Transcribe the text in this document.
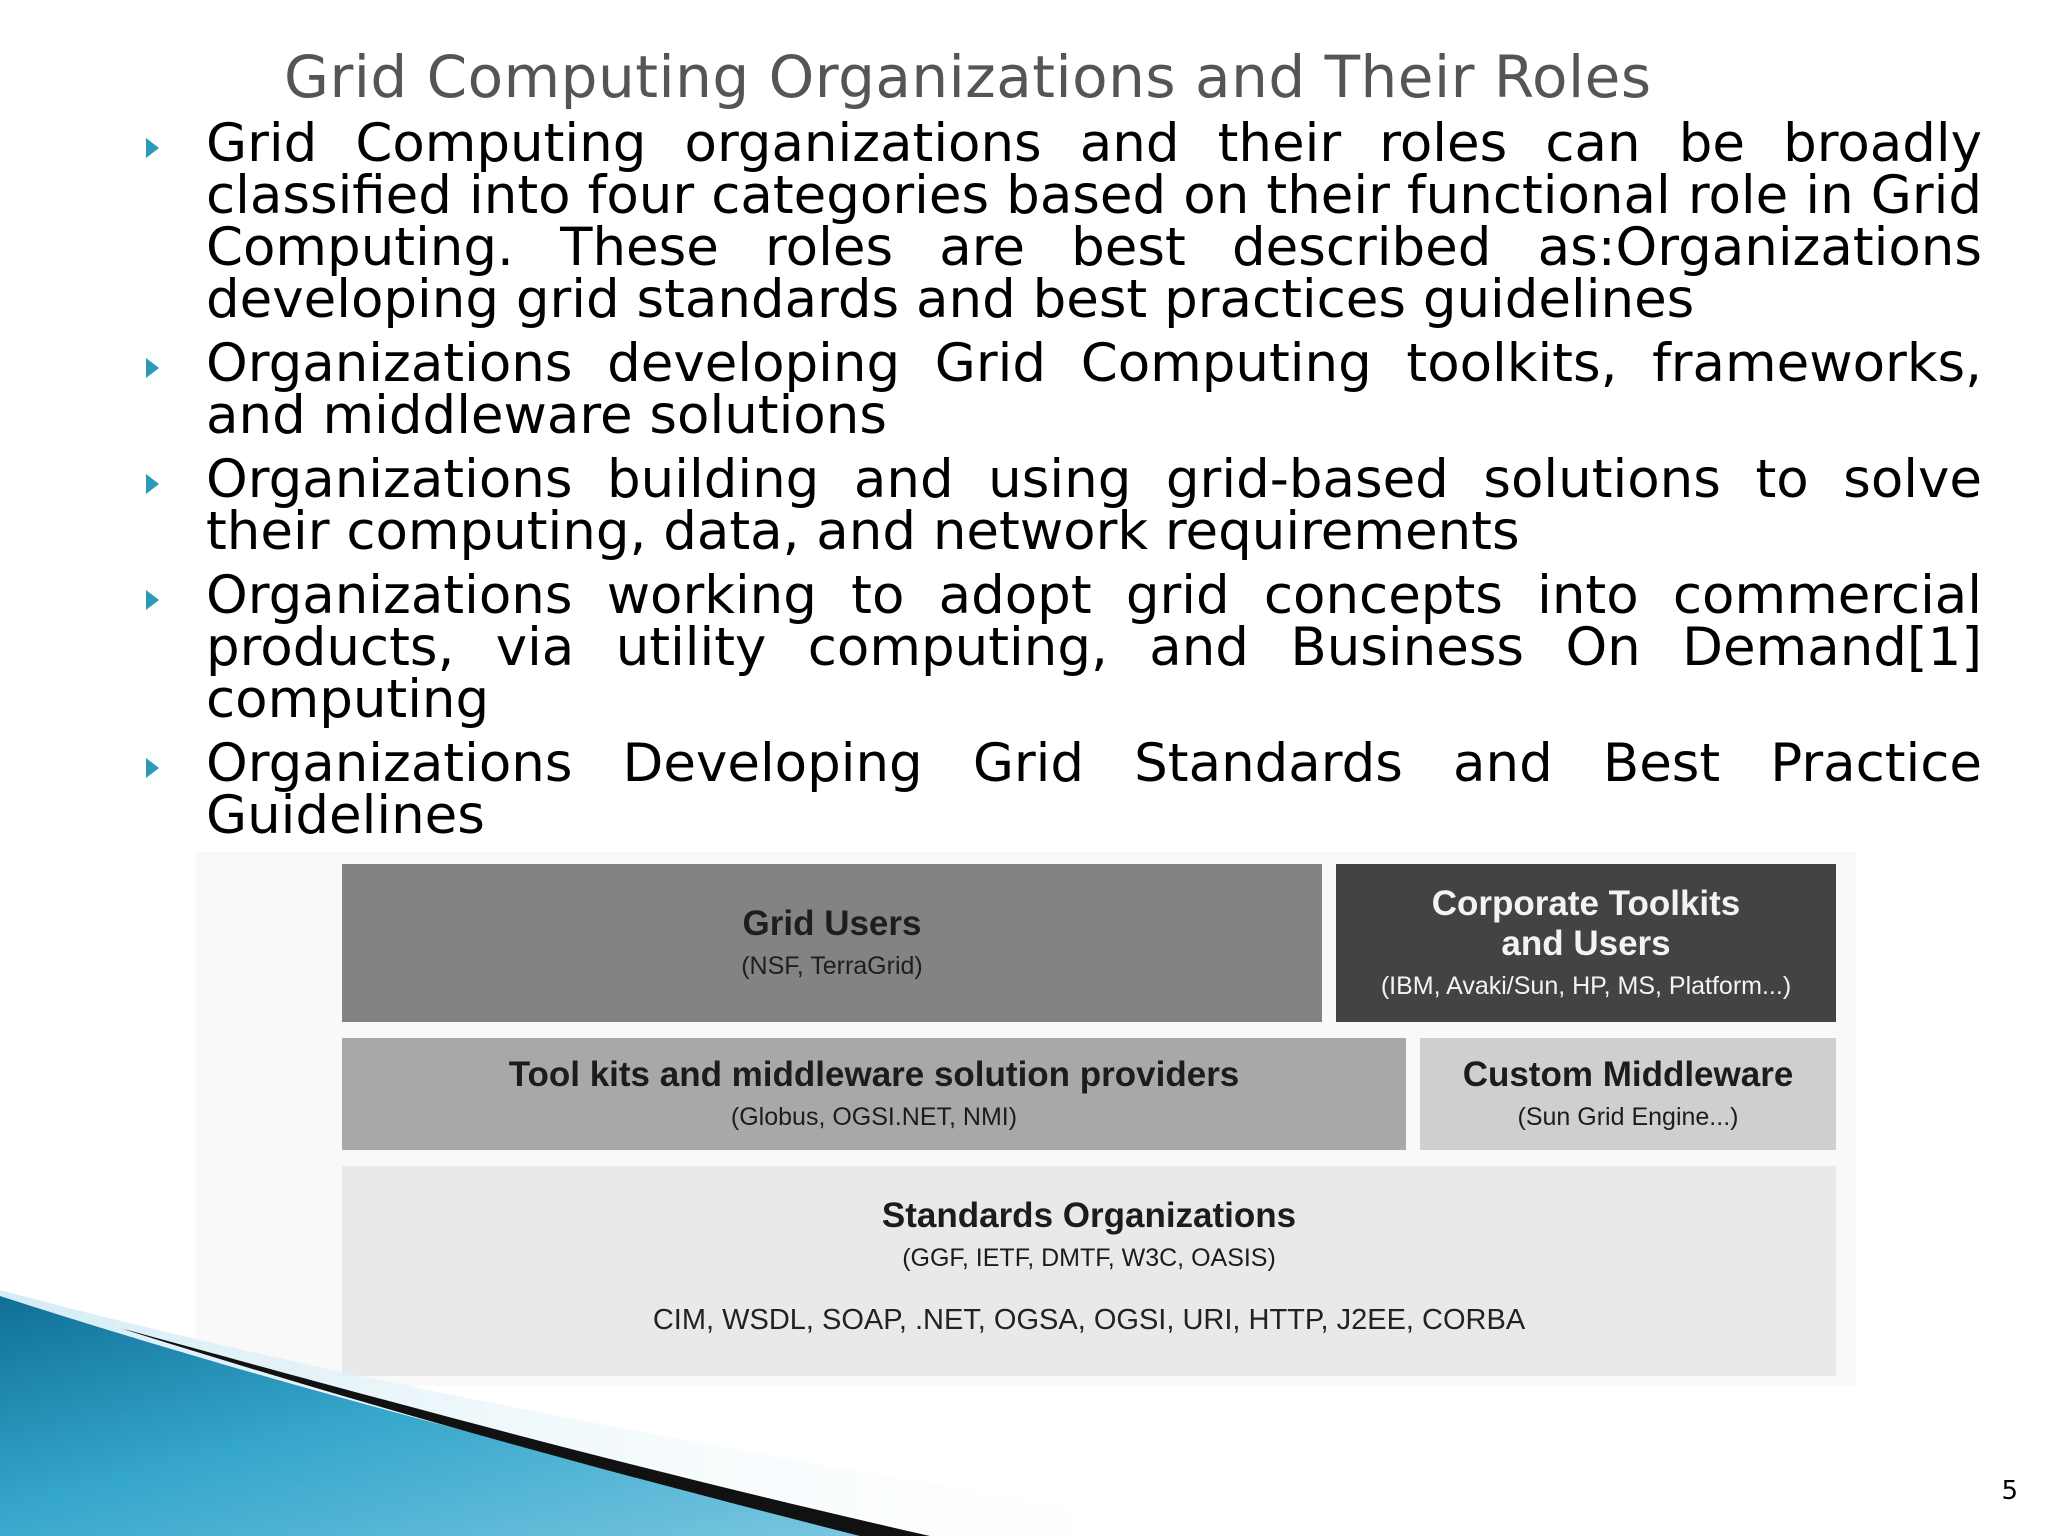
Grid Computing Organizations and Their Roles
Grid Computing organizations and their roles can be broadly classified into four categories based on their functional role in Grid Computing. These roles are best described as:Organizations developing grid standards and best practices guidelines
Organizations developing Grid Computing toolkits, frameworks, and middleware solutions
Organizations building and using grid-based solutions to solve their computing, data, and network requirements
Organizations working to adopt grid concepts into commercial products, via utility computing, and Business On Demand[1] computing
Organizations Developing Grid Standards and Best Practice Guidelines
Grid Users
(NSF, TerraGrid)
Corporate Toolkits
and Users
(IBM, Avaki/Sun, HP, MS, Platform...)
Tool kits and middleware solution providers
(Globus, OGSI.NET, NMI)
Custom Middleware
(Sun Grid Engine...)
Standards Organizations
(GGF, IETF, DMTF, W3C, OASIS)
CIM, WSDL, SOAP, .NET, OGSA, OGSI, URI, HTTP, J2EE, CORBA
5
